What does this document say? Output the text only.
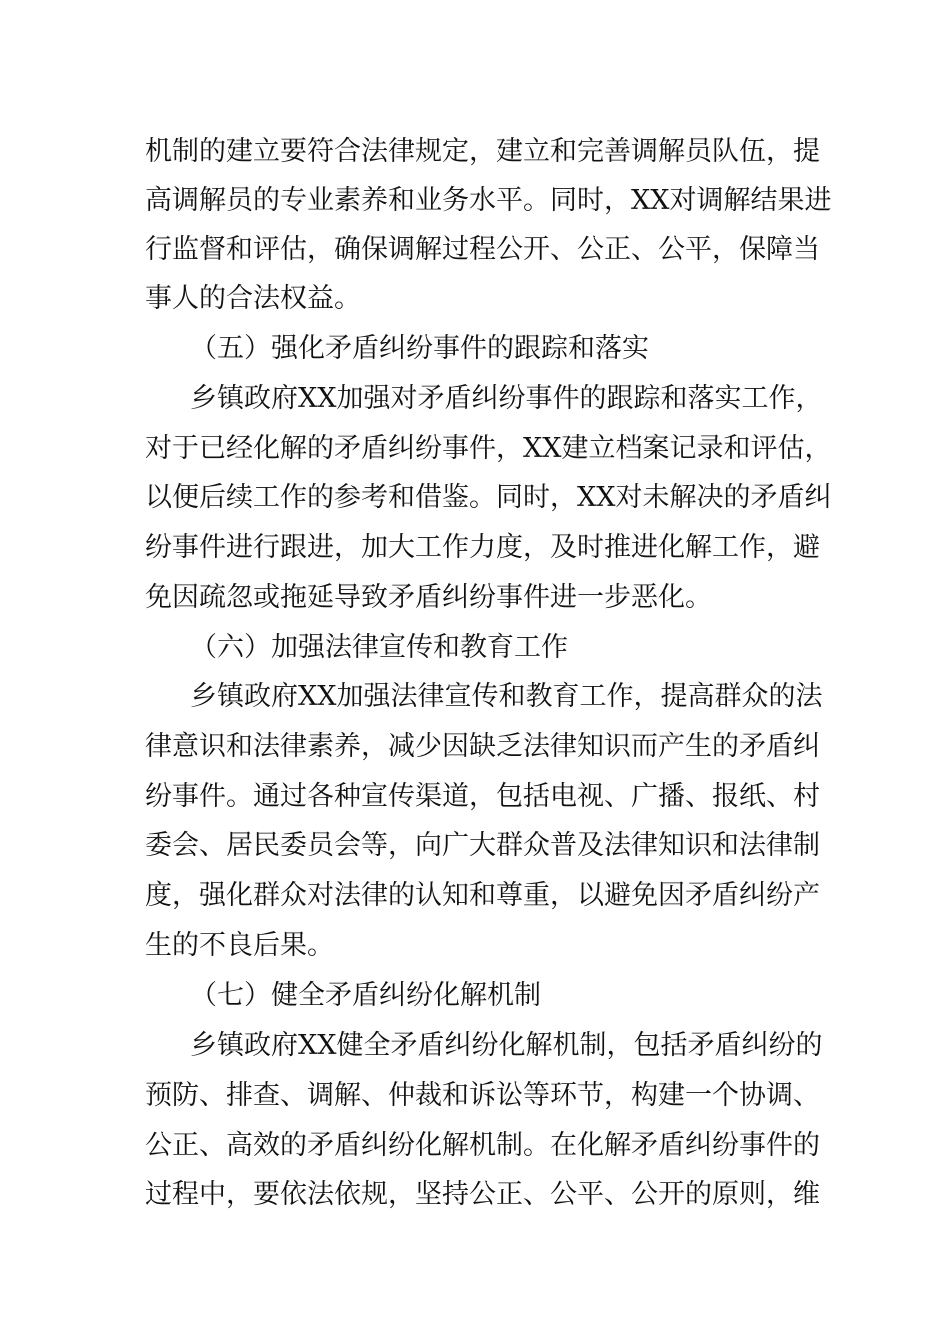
机制的建立要符合法律规定，建立和完善调解员队伍，提
高调解员的专业素养和业务水平。同时，XX对调解结果进
行监督和评估，确保调解过程公开、公正、公平，保障当
事人的合法权益。
（五）强化矛盾纠纷事件的跟踪和落实
乡镇政府XX加强对矛盾纠纷事件的跟踪和落实工作，
对于已经化解的矛盾纠纷事件，XX建立档案记录和评估，
以便后续工作的参考和借鉴。同时，XX对未解决的矛盾纠
纷事件进行跟进，加大工作力度，及时推进化解工作，避
免因疏忽或拖延导致矛盾纠纷事件进一步恶化。
（六）加强法律宣传和教育工作
乡镇政府XX加强法律宣传和教育工作，提高群众的法
律意识和法律素养，减少因缺乏法律知识而产生的矛盾纠
纷事件。通过各种宣传渠道，包括电视、广播、报纸、村
委会、居民委员会等，向广大群众普及法律知识和法律制
度，强化群众对法律的认知和尊重，以避免因矛盾纠纷产
生的不良后果。
（七）健全矛盾纠纷化解机制
乡镇政府XX健全矛盾纠纷化解机制，包括矛盾纠纷的
预防、排查、调解、仲裁和诉讼等环节，构建一个协调、
公正、高效的矛盾纠纷化解机制。在化解矛盾纠纷事件的
过程中，要依法依规，坚持公正、公平、公开的原则，维
